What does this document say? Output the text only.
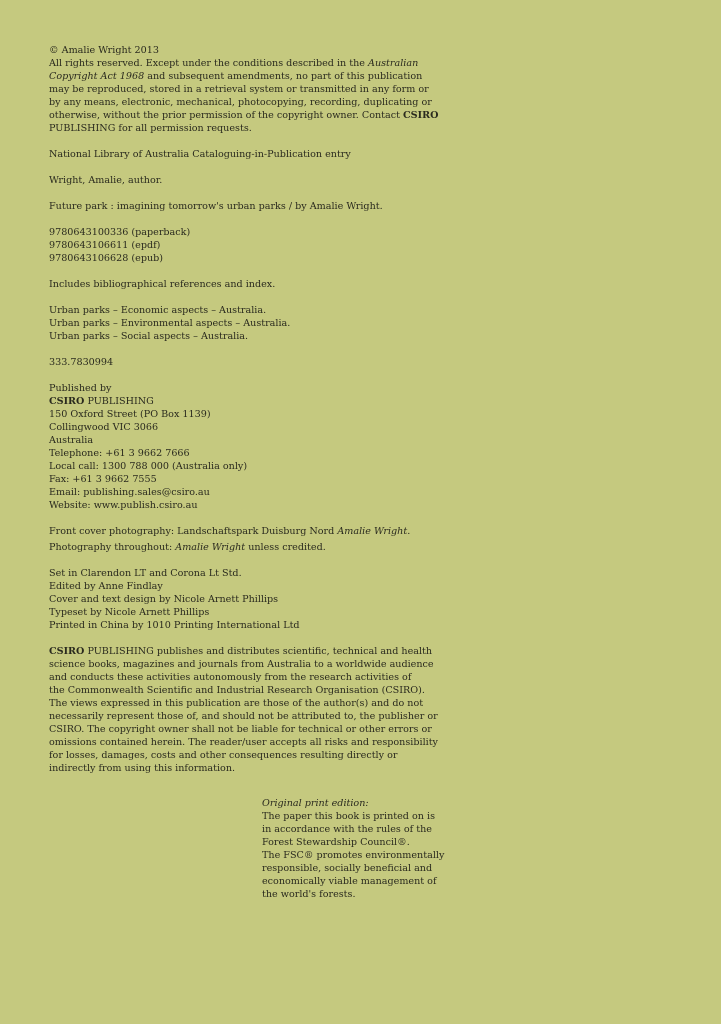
© Amalie Wright 2013
All rights reserved. Except under the conditions described in the Australian
Copyright Act 1968 and subsequent amendments, no part of this publication
may be reproduced, stored in a retrieval system or transmitted in any form or
by any means, electronic, mechanical, photocopying, recording, duplicating or
otherwise, without the prior permission of the copyright owner. Contact CSIRO
PUBLISHING for all permission requests.
National Library of Australia Cataloguing-in-Publication entry
Wright, Amalie, author.
Future park : imagining tomorrow's urban parks / by Amalie Wright.
9780643100336 (paperback)
9780643106611 (epdf)
9780643106628 (epub)
Includes bibliographical references and index.
Urban parks – Economic aspects – Australia.
Urban parks – Environmental aspects – Australia.
Urban parks – Social aspects – Australia.
333.7830994
Published by
CSIRO PUBLISHING
150 Oxford Street (PO Box 1139)
Collingwood VIC 3066
Australia
Telephone: +61 3 9662 7666
Local call: 1300 788 000 (Australia only)
Fax: +61 3 9662 7555
Email: publishing.sales@csiro.au
Website: www.publish.csiro.au
Front cover photography: Landschaftspark Duisburg Nord Amalie Wright.
Photography throughout: Amalie Wright unless credited.
Set in Clarendon LT and Corona Lt Std.
Edited by Anne Findlay
Cover and text design by Nicole Arnett Phillips
Typeset by Nicole Arnett Phillips
Printed in China by 1010 Printing International Ltd
CSIRO PUBLISHING publishes and distributes scientific, technical and health
science books, magazines and journals from Australia to a worldwide audience
and conducts these activities autonomously from the research activities of
the Commonwealth Scientific and Industrial Research Organisation (CSIRO).
The views expressed in this publication are those of the author(s) and do not
necessarily represent those of, and should not be attributed to, the publisher or
CSIRO. The copyright owner shall not be liable for technical or other errors or
omissions contained herein. The reader/user accepts all risks and responsibility
for losses, damages, costs and other consequences resulting directly or
indirectly from using this information.
Original print edition:
The paper this book is printed on is
in accordance with the rules of the
Forest Stewardship Council®.
The FSC® promotes environmentally
responsible, socially beneficial and
economically viable management of
the world's forests.
